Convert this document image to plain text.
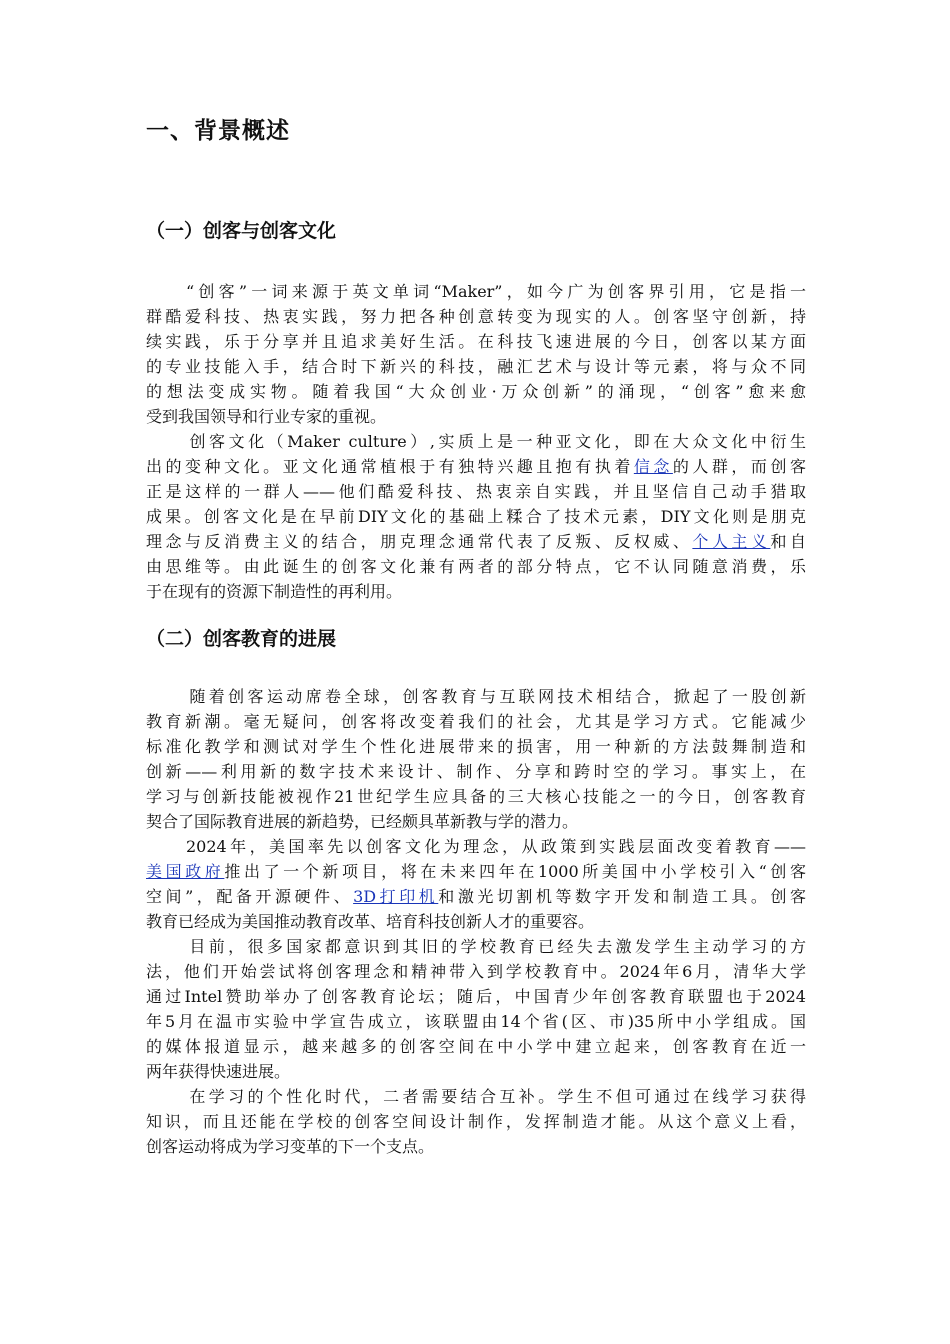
一、背景概述
（一）创客与创客文化
“创客”一词来源于英文单词“Maker”，如今广为创客界引用，它是指一
群酷爱科技、热衷实践，努力把各种创意转变为现实的人。创客坚守创新，持
续实践，乐于分享并且追求美好生活。在科技飞速进展的今日，创客以某方面
的专业技能入手，结合时下新兴的科技，融汇艺术与设计等元素，将与众不同
的想法变成实物。随着我国“大众创业·万众创新”的涌现，“创客”愈来愈
受到我国领导和行业专家的重视。
创客文化（Maker culture）,实质上是一种亚文化，即在大众文化中衍生
出的变种文化。亚文化通常植根于有独特兴趣且抱有执着信念的人群，而创客
正是这样的一群人——他们酷爱科技、热衷亲自实践，并且坚信自己动手猎取
成果。创客文化是在早前DIY文化的基础上糅合了技术元素，DIY文化则是朋克
理念与反消费主义的结合，朋克理念通常代表了反叛、反权威、个人主义和自
由思维等。由此诞生的创客文化兼有两者的部分特点，它不认同随意消费，乐
于在现有的资源下制造性的再利用。
（二）创客教育的进展
随着创客运动席卷全球，创客教育与互联网技术相结合，掀起了一股创新
教育新潮。毫无疑问，创客将改变着我们的社会，尤其是学习方式。它能减少
标准化教学和测试对学生个性化进展带来的损害，用一种新的方法鼓舞制造和
创新——利用新的数字技术来设计、制作、分享和跨时空的学习。事实上，在
学习与创新技能被视作21世纪学生应具备的三大核心技能之一的今日，创客教育
契合了国际教育进展的新趋势，已经颇具革新教与学的潜力。
2024年，美国率先以创客文化为理念，从政策到实践层面改变着教育——
美国政府推出了一个新项目，将在未来四年在1000所美国中小学校引入“创客
空间”，配备开源硬件、3D打印机和激光切割机等数字开发和制造工具。创客
教育已经成为美国推动教育改革、培育科技创新人才的重要容。
目前，很多国家都意识到其旧的学校教育已经失去激发学生主动学习的方
法，他们开始尝试将创客理念和精神带入到学校教育中。2024年6月，清华大学
通过Intel赞助举办了创客教育论坛；随后，中国青少年创客教育联盟也于2024
年5月在温市实验中学宣告成立，该联盟由14个省(区、市)35所中小学组成。国
的媒体报道显示，越来越多的创客空间在中小学中建立起来，创客教育在近一
两年获得快速进展。
在学习的个性化时代，二者需要结合互补。学生不但可通过在线学习获得
知识，而且还能在学校的创客空间设计制作，发挥制造才能。从这个意义上看，
创客运动将成为学习变革的下一个支点。
